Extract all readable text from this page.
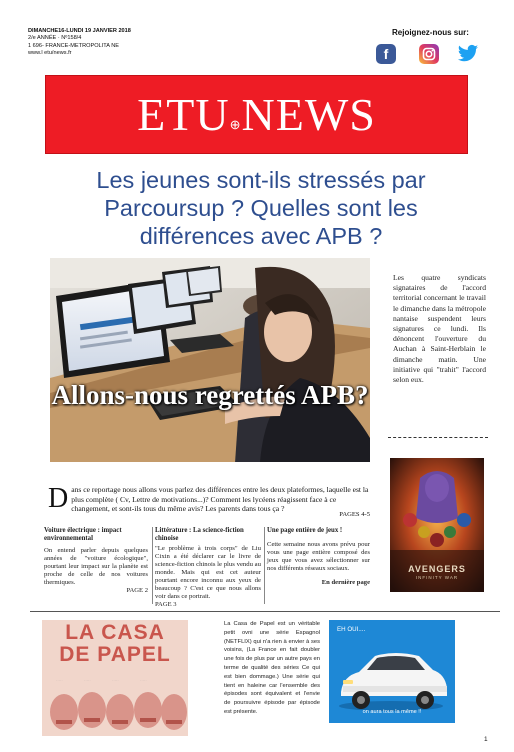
DIMANCHE16-LUNDI 19 JANVIER 2018
2/e ANNÉE · Nº158/4
1 696- FRANCE-METROPOLITA NE
www.l etu/news.fr
Rejoignez-nous sur:
f
ETU⊕NEWS
Les jeunes sont-ils stressés par Parcoursup ? Quelles sont les différences avec APB ?
Allons-nous regrettés APB?
Les quatre syndicats signataires de l'accord territorial concernant le travail le dimanche dans la métropole nantaise suspendent leurs signatures ce lundi. Ils dénoncent l'ouverture du Auchan à Saint-Herblain le dimanche matin. Une initiative qui "trahit" l'accord selon eux.
AVENGERS
INFINITY WAR
Dans ce reportage nous allons vous parlez des différences entre les deux plateformes, laquelle est la plus complète ( Cv, Lettre de motivations...)? Comment les lycéens réagissent face à ce changement, et sont-ils tous du même avis? Les parents dans tous ça ?
PAGES 4-5
Voiture électrique : impact environnemental
On entend parler depuis quelques années de "voiture écologique", pourtant leur impact sur la planète est proche de celle de nos voitures thermiques.
PAGE 2
Littérature : La science-fiction chinoise
"Le problème à trois corps" de Liu Cixin a été déclarer car le livre de science-fiction chinois le plus vendu au monde. Mais qui est cet auteur pourtant encore inconnu aux yeux de beaucoup ? C'est ce que nous allons voir dans ce portrait.
PAGE 3
Une page entière de jeux !
Cette semaine nous avons prévu pour vous une page entière composé des jeux que vous avez sélectionner sur nos différents réseaux sociaux.
En dernière page
·····	·····	·····	·····
LA CASA DE PAPEL
La Casa de Papel est un véritable petit ovni une série Espagnol (NETFLIX) qui n'a rien à envier à ses voisins, (La France en fait doubler une fois de plus par un autre pays en terme de qualité des séries Ce qui est bien dommage.) Une série qui tient en haleine car l'ensemble des épisodes sont équivalent et l'envie de poursuivre épisode par épisode est présente.
EH OUI....
on aura tous la même !!
1
